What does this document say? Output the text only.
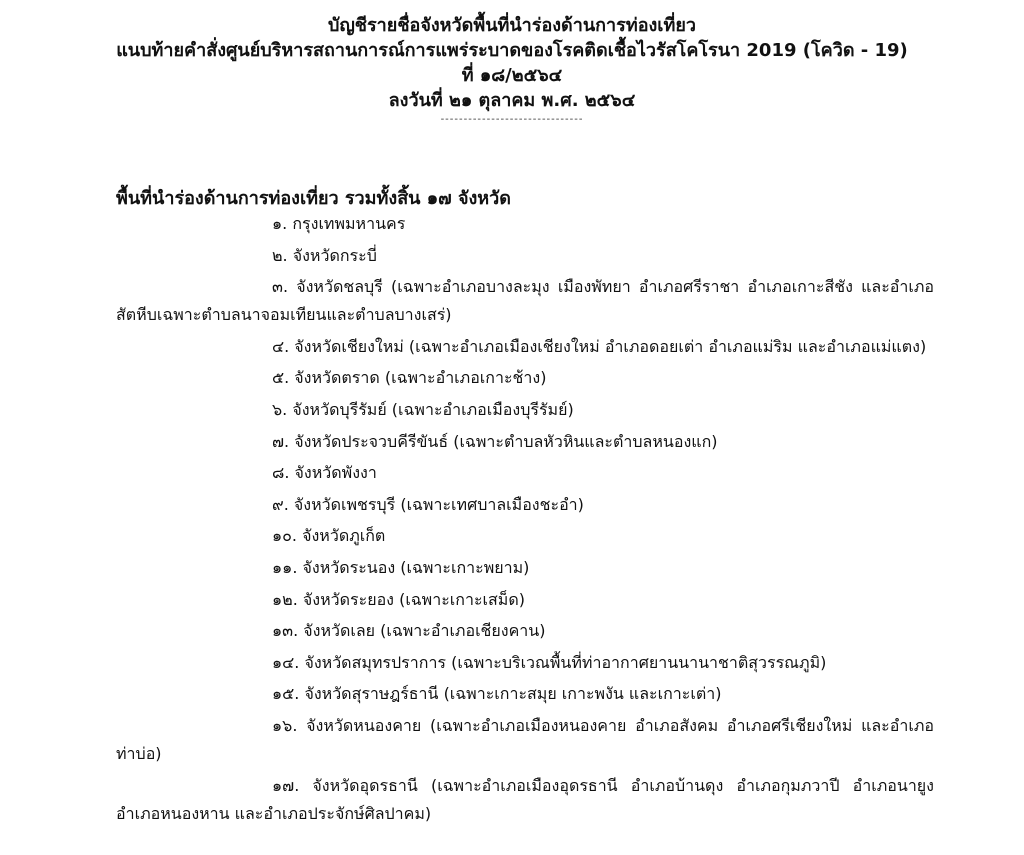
บัญชีรายชื่อจังหวัดพื้นที่นำร่องด้านการท่องเที่ยว
แนบท้ายคำสั่งศูนย์บริหารสถานการณ์การแพร่ระบาดของโรคติดเชื้อไวรัสโคโรนา 2019 (โควิด - 19)
ที่ ๑๘/๒๕๖๔
ลงวันที่ ๒๑ ตุลาคม พ.ศ. ๒๕๖๔
-------------------------------
พื้นที่นำร่องด้านการท่องเที่ยว รวมทั้งสิ้น ๑๗ จังหวัด
๑. กรุงเทพมหานคร
๒. จังหวัดกระบี่
๓. จังหวัดชลบุรี (เฉพาะอำเภอบางละมุง เมืองพัทยา อำเภอศรีราชา อำเภอเกาะสีชัง และอำเภอสัตหีบเฉพาะตำบลนาจอมเทียนและตำบลบางเสร่)
๔. จังหวัดเชียงใหม่ (เฉพาะอำเภอเมืองเชียงใหม่ อำเภอดอยเต่า อำเภอแม่ริม และอำเภอแม่แตง)
๕. จังหวัดตราด (เฉพาะอำเภอเกาะช้าง)
๖. จังหวัดบุรีรัมย์ (เฉพาะอำเภอเมืองบุรีรัมย์)
๗. จังหวัดประจวบคีรีขันธ์ (เฉพาะตำบลหัวหินและตำบลหนองแก)
๘. จังหวัดพังงา
๙. จังหวัดเพชรบุรี (เฉพาะเทศบาลเมืองชะอำ)
๑๐. จังหวัดภูเก็ต
๑๑. จังหวัดระนอง (เฉพาะเกาะพยาม)
๑๒. จังหวัดระยอง (เฉพาะเกาะเสม็ด)
๑๓. จังหวัดเลย (เฉพาะอำเภอเชียงคาน)
๑๔. จังหวัดสมุทรปราการ (เฉพาะบริเวณพื้นที่ท่าอากาศยานนานาชาติสุวรรณภูมิ)
๑๕. จังหวัดสุราษฎร์ธานี (เฉพาะเกาะสมุย เกาะพงัน และเกาะเต่า)
๑๖. จังหวัดหนองคาย (เฉพาะอำเภอเมืองหนองคาย อำเภอสังคม อำเภอศรีเชียงใหม่ และอำเภอท่าบ่อ)
๑๗. จังหวัดอุดรธานี (เฉพาะอำเภอเมืองอุดรธานี อำเภอบ้านดุง อำเภอกุมภวาปี อำเภอนายูง อำเภอหนองหาน และอำเภอประจักษ์ศิลปาคม)
